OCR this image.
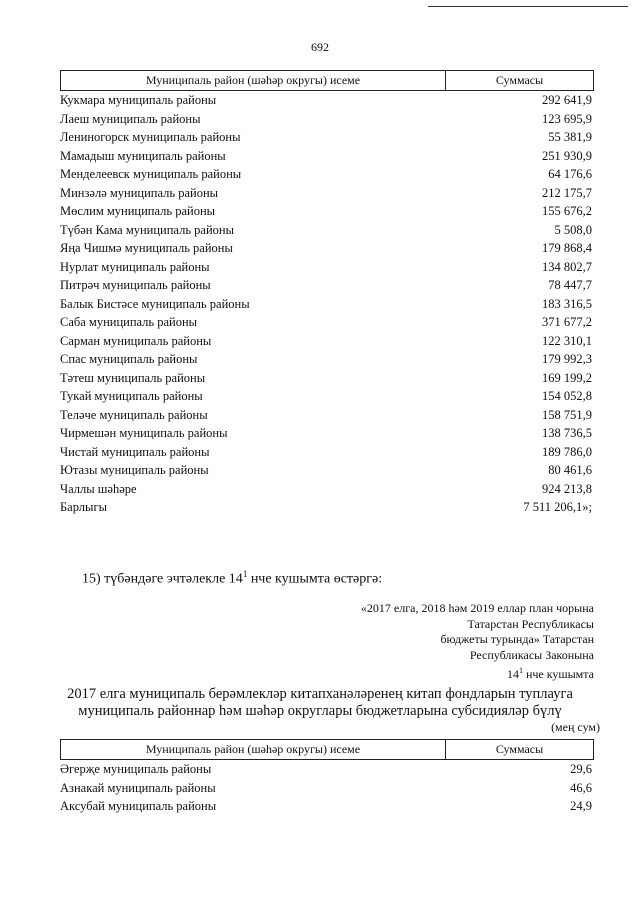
692
Муниципаль район (шәһәр округы) исеме	Суммасы
Кукмара муниципаль районы	292 641,9
Лаеш муниципаль районы	123 695,9
Лениногорск муниципаль районы	55 381,9
Мамадыш муниципаль районы	251 930,9
Менделеевск муниципаль районы	64 176,6
Минзәлә муниципаль районы	212 175,7
Мөслим муниципаль районы	155 676,2
Түбән Кама муниципаль районы	5 508,0
Яңа Чишмә муниципаль районы	179 868,4
Нурлат муниципаль районы	134 802,7
Питрәч муниципаль районы	78 447,7
Балык Бистәсе муниципаль районы	183 316,5
Саба муниципаль районы	371 677,2
Сарман муниципаль районы	122 310,1
Спас муниципаль районы	179 992,3
Тәтеш муниципаль районы	169 199,2
Тукай муниципаль районы	154 052,8
Теләче муниципаль районы	158 751,9
Чирмешән муниципаль районы	138 736,5
Чистай муниципаль районы	189 786,0
Ютазы муниципаль районы	80 461,6
Чаллы шәһәре	924 213,8
Барлыгы	7 511 206,1»;
15) түбәндәге эчтәлекле $14^1$ нче кушымта өстәргә:
«2017 елга, 2018 һәм 2019 еллар план чорына
Татарстан Республикасы
бюджеты турында» Татарстан
Республикасы Законына
$14^1$ нче кушымта
2017 елга муниципаль берәмлекләр китапханәләренең китап фондларын туплауга
муниципаль районнар һәм шәһәр округлары бюджетларына субсидияләр бүлү
(мең сум)
Муниципаль район (шәһәр округы) исеме	Суммасы
Әгерҗе муниципаль районы	29,6
Азнакай муниципаль районы	46,6
Аксубай муниципаль районы	24,9
